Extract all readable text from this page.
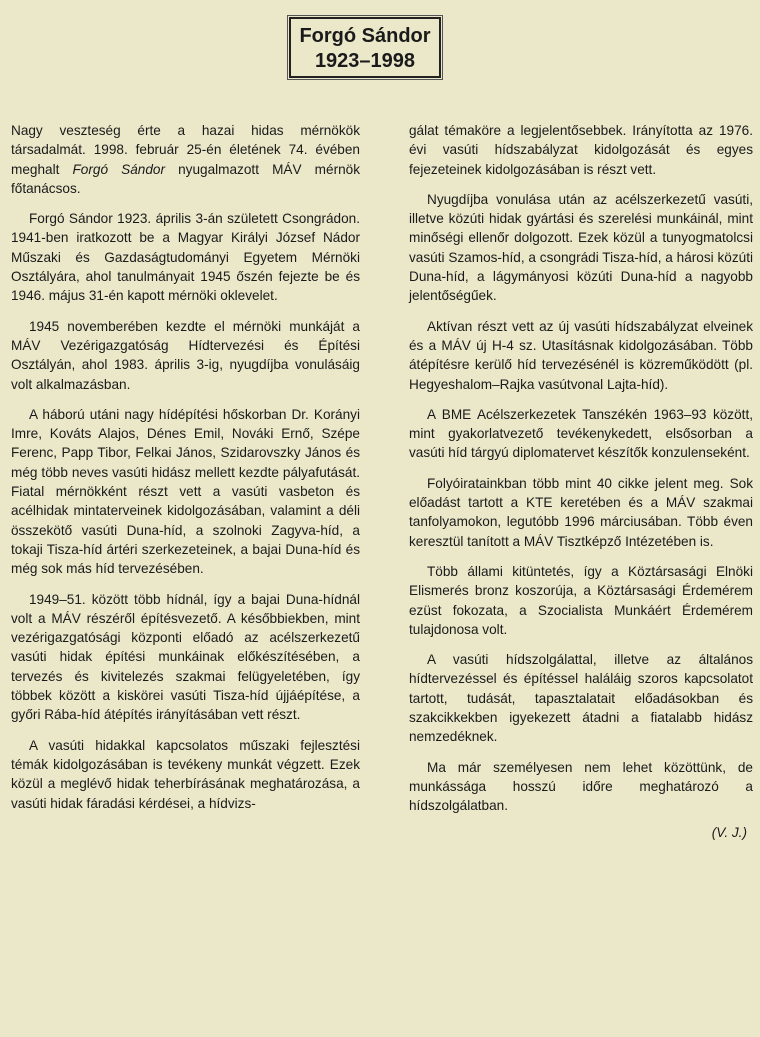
Forgó Sándor
1923–1998

Nagy veszteség érte a hazai hidas mérnökök társadalmát. 1998. február 25-én életének 74. évében meghalt Forgó Sándor nyugalmazott MÁV mérnök főtanácsos.

Forgó Sándor 1923. április 3-án született Csongrádon. 1941-ben iratkozott be a Magyar Királyi József Nádor Műszaki és Gazdaságtudományi Egyetem Mérnöki Osztályára, ahol tanulmányait 1945 őszén fejezte be és 1946. május 31-én kapott mérnöki oklevelet.

1945 novemberében kezdte el mérnöki munkáját a MÁV Vezérigazgatóság Hídtervezési és Építési Osztályán, ahol 1983. április 3-ig, nyugdíjba vonulásáig volt alkalmazásban.

A háború utáni nagy hídépítési hőskorban Dr. Korányi Imre, Kováts Alajos, Dénes Emil, Nováki Ernő, Szépe Ferenc, Papp Tibor, Felkai János, Szidarovszky János és még több neves vasúti hidász mellett kezdte pályafutását. Fiatal mérnökként részt vett a vasúti vasbeton és acélhidak mintaterveinek kidolgozásában, valamint a déli összekötő vasúti Duna-híd, a szolnoki Zagyva-híd, a tokaji Tisza-híd ártéri szerkezeteinek, a bajai Duna-híd és még sok más híd tervezésében.

1949–51. között több hídnál, így a bajai Duna-hídnál volt a MÁV részéről építésvezető. A későbbiekben, mint vezérigazgatósági központi előadó az acélszerkezetű vasúti hidak építési munkáinak előkészítésében, a tervezés és kivitelezés szakmai felügyeletében, így többek között a kiskörei vasúti Tisza-híd újjáépítése, a győri Rába-híd átépítés irányításában vett részt.

A vasúti hidakkal kapcsolatos műszaki fejlesztési témák kidolgozásában is tevékeny munkát végzett. Ezek közül a meglévő hidak teherbírásának meghatározása, a vasúti hidak fáradási kérdései, a hídvizs-

gálat témaköre a legjelentősebbek. Irányította az 1976. évi vasúti hídszabályzat kidolgozását és egyes fejezeteinek kidolgozásában is részt vett.

Nyugdíjba vonulása után az acélszerkezetű vasúti, illetve közúti hidak gyártási és szerelési munkáinál, mint minőségi ellenőr dolgozott. Ezek közül a tunyogmatolcsi vasúti Szamos-híd, a csongrádi Tisza-híd, a hárosi közúti Duna-híd, a lágymányosi közúti Duna-híd a nagyobb jelentőségűek.

Aktívan részt vett az új vasúti hídszabályzat elveinek és a MÁV új H-4 sz. Utasításnak kidolgozásában. Több átépítésre kerülő híd tervezésénél is közreműködött (pl. Hegyeshalom–Rajka vasútvonal Lajta-híd).

A BME Acélszerkezetek Tanszékén 1963–93 között, mint gyakorlatvezető tevékenykedett, elsősorban a vasúti híd tárgyú diplomatervet készítők konzulenseként.

Folyóiratainkban több mint 40 cikke jelent meg. Sok előadást tartott a KTE keretében és a MÁV szakmai tanfolyamokon, legutóbb 1996 márciusában. Több éven keresztül tanított a MÁV Tisztképző Intézetében is.

Több állami kitüntetés, így a Köztársasági Elnöki Elismerés bronz koszorúja, a Köztársasági Érdemérem ezüst fokozata, a Szocialista Munkáért Érdemérem tulajdonosa volt.

A vasúti hídszolgálattal, illetve az általános hídtervezéssel és építéssel haláláig szoros kapcsolatot tartott, tudását, tapasztalatait előadásokban és szakcikkekben igyekezett átadni a fiatalabb hidász nemzedéknek.

Ma már személyesen nem lehet közöttünk, de munkássága hosszú időre meghatározó a hídszolgálatban.

(V. J.)
